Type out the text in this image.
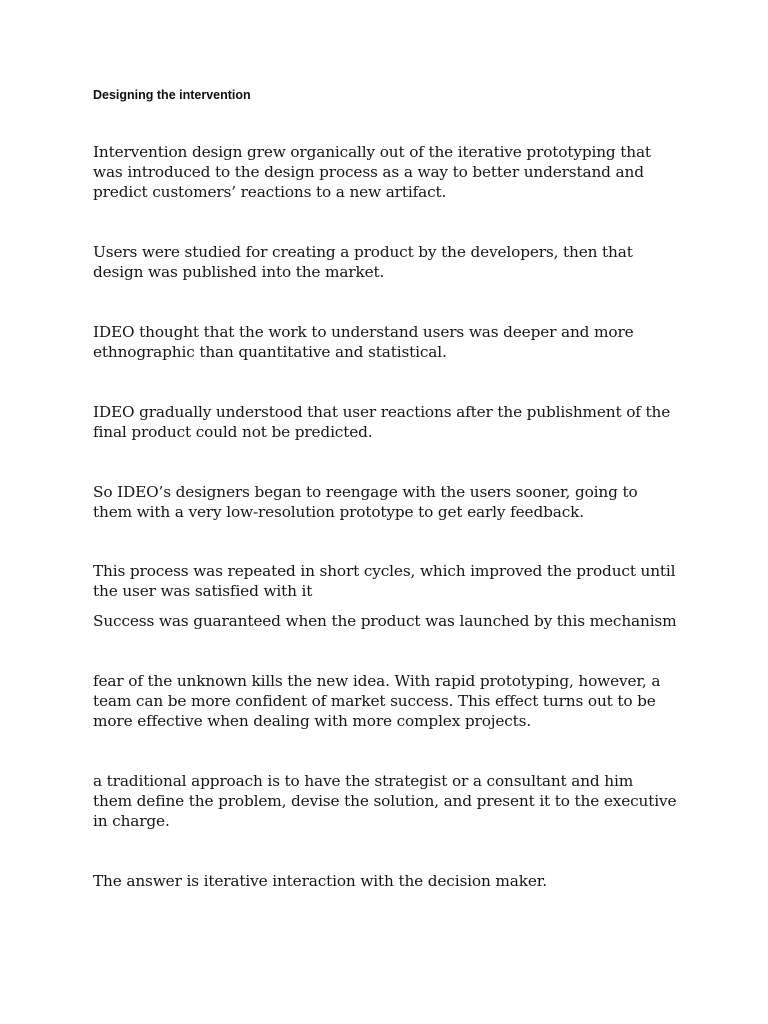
Designing the intervention

Intervention design grew organically out of the iterative prototyping that
was introduced to the design process as a way to better understand and
predict customers’ reactions to a new artifact.

Users were studied for creating a product by the developers, then that
design was published into the market.

IDEO thought that the work to understand users was deeper and more
ethnographic than quantitative and statistical.

IDEO gradually understood that user reactions after the publishment of the
final product could not be predicted.

So IDEO’s designers began to reengage with the users sooner, going to
them with a very low-resolution prototype to get early feedback.

This process was repeated in short cycles, which improved the product until
the user was satisfied with it

Success was guaranteed when the product was launched by this mechanism

fear of the unknown kills the new idea. With rapid prototyping, however, a
team can be more confident of market success. This effect turns out to be
more effective when dealing with more complex projects.

a traditional approach is to have the strategist or a consultant and him
them define the problem, devise the solution, and present it to the executive
in charge.

The answer is iterative interaction with the decision maker.
